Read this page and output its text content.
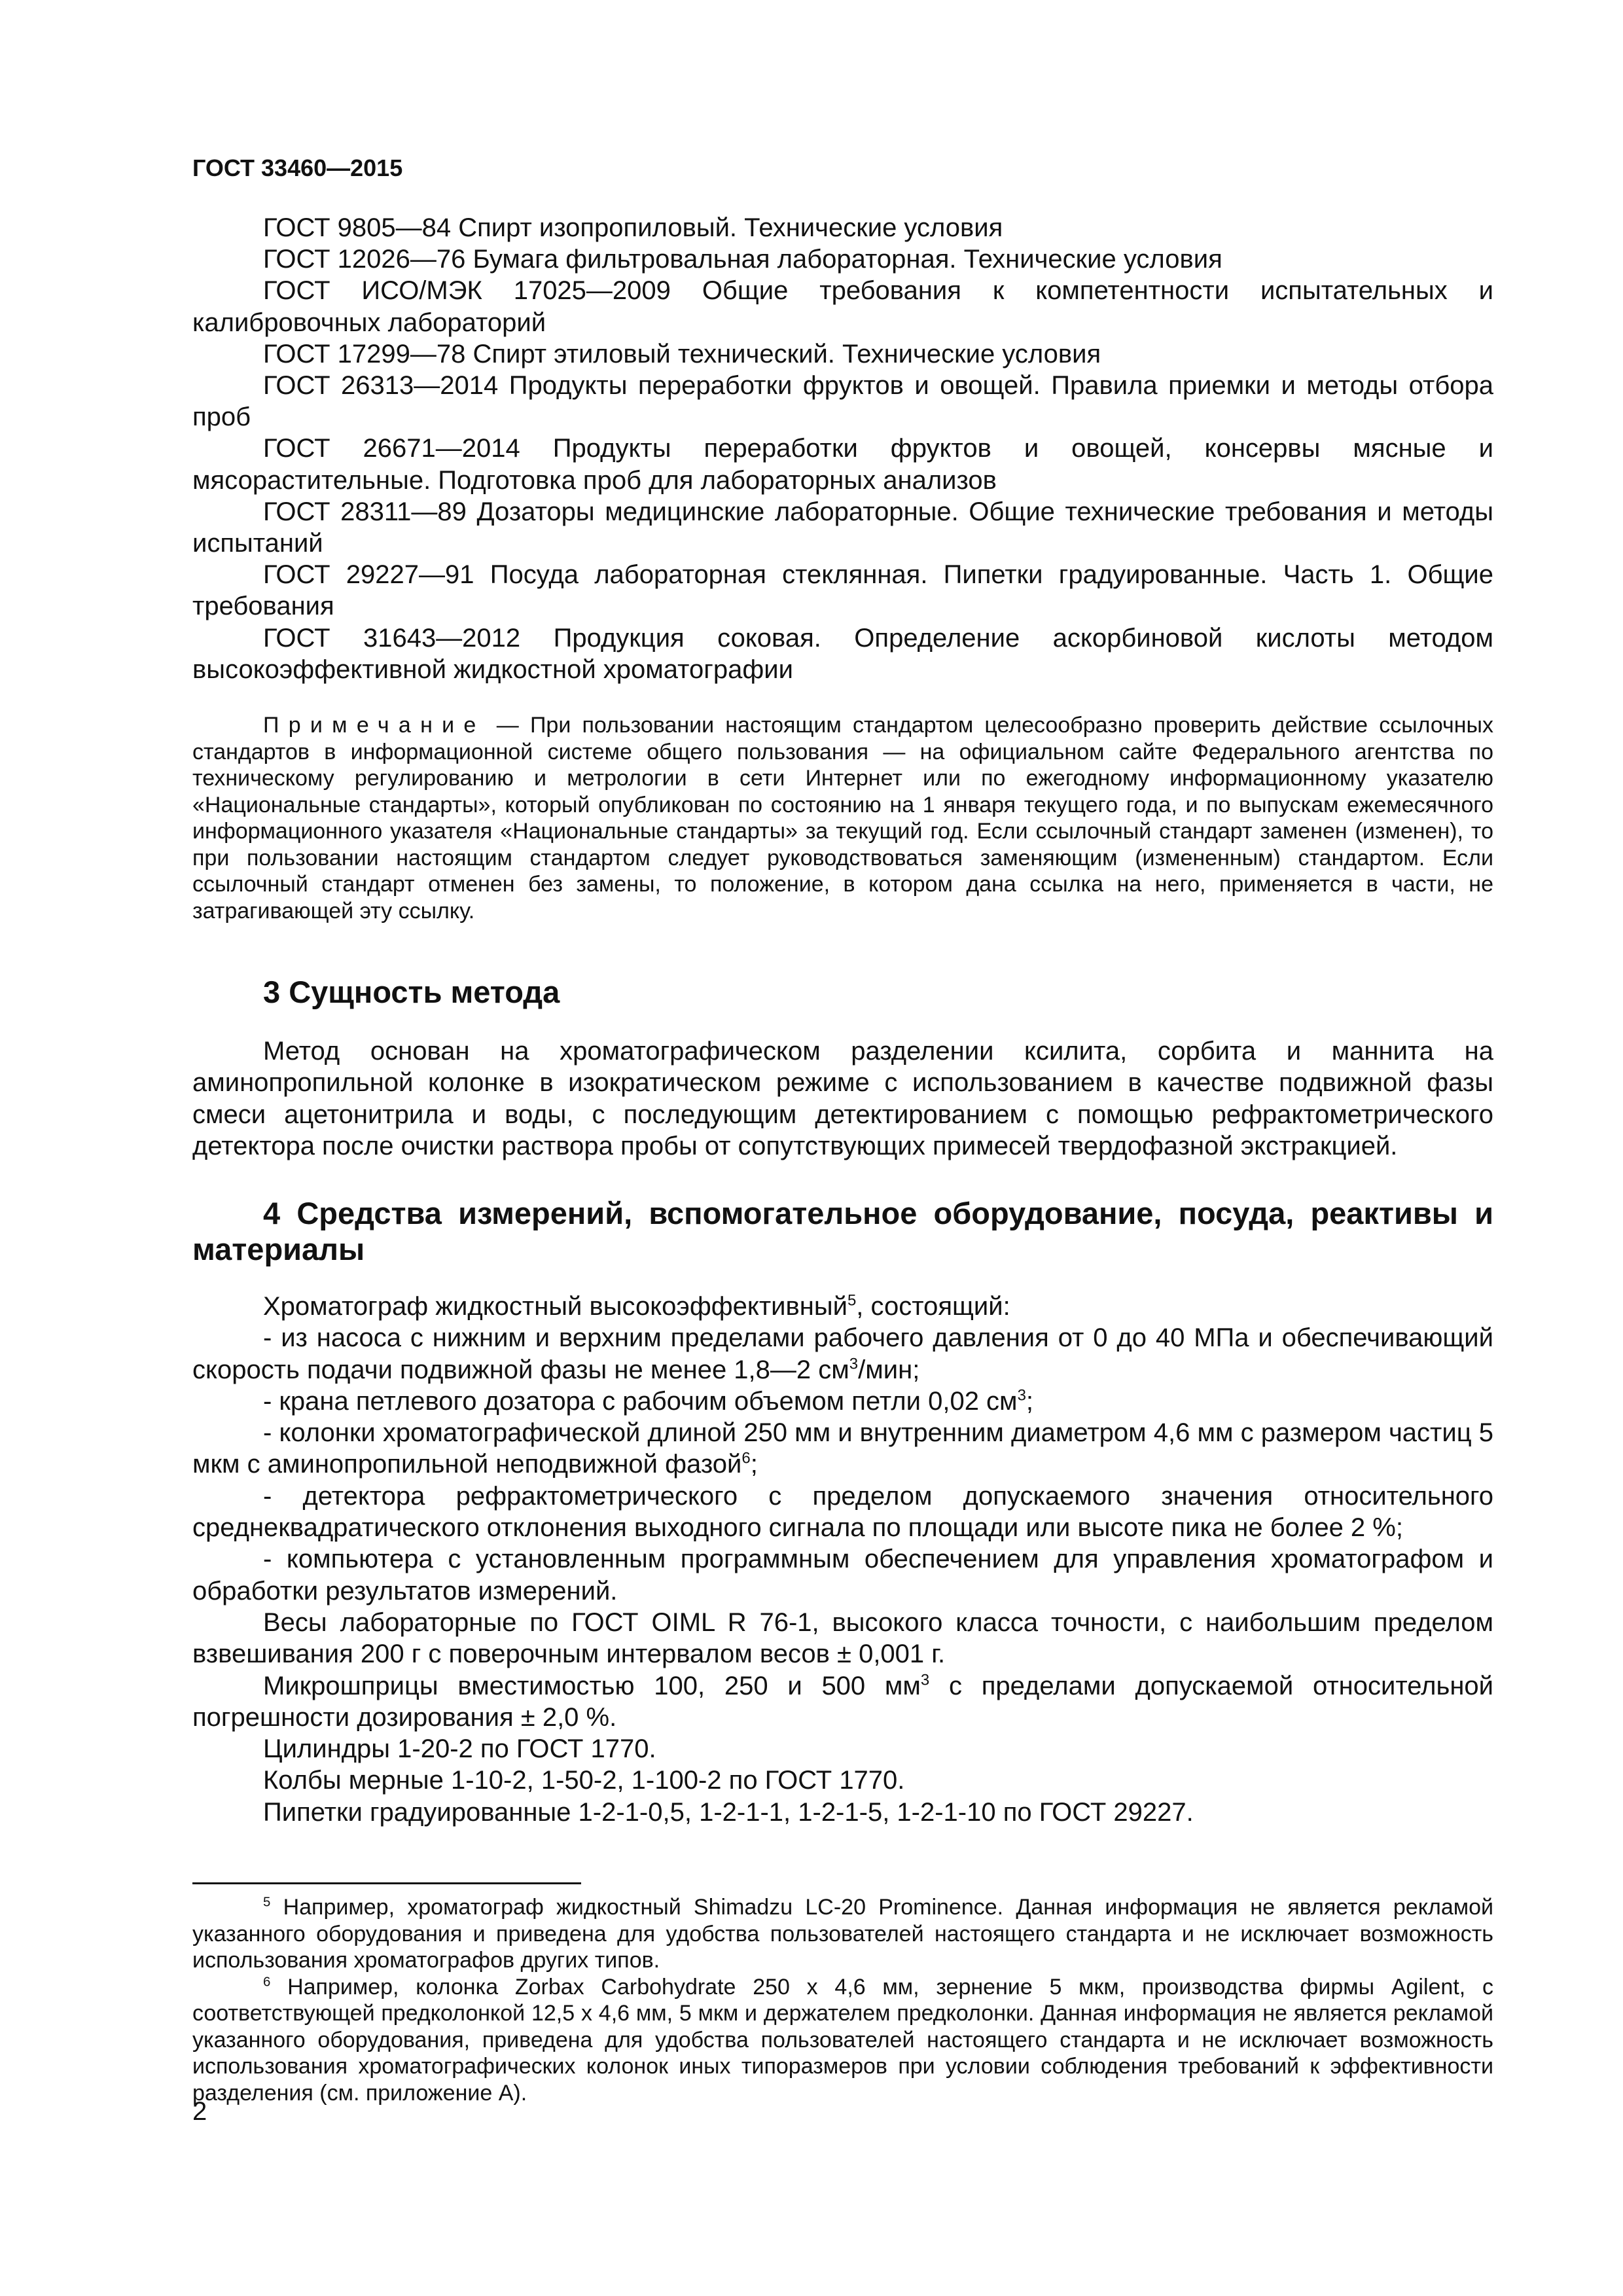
ГОСТ 33460—2015

ГОСТ 9805—84 Спирт изопропиловый. Технические условия

ГОСТ 12026—76 Бумага фильтровальная лабораторная. Технические условия

ГОСТ ИСО/МЭК 17025—2009 Общие требования к компетентности испытательных и калибровочных лабораторий

ГОСТ 17299—78 Спирт этиловый технический. Технические условия

ГОСТ 26313—2014 Продукты переработки фруктов и овощей. Правила приемки и методы отбора проб

ГОСТ 26671—2014 Продукты переработки фруктов и овощей, консервы мясные и мясорастительные. Подготовка проб для лабораторных анализов

ГОСТ 28311—89 Дозаторы медицинские лабораторные. Общие технические требования и методы испытаний

ГОСТ 29227—91 Посуда лабораторная стеклянная. Пипетки градуированные. Часть 1. Общие требования

ГОСТ 31643—2012 Продукция соковая. Определение аскорбиновой кислоты методом высокоэффективной жидкостной хроматографии

Примечание — При пользовании настоящим стандартом целесообразно проверить действие ссылочных стандартов в информационной системе общего пользования — на официальном сайте Федерального агентства по техническому регулированию и метрологии в сети Интернет или по ежегодному информационному указателю «Национальные стандарты», который опубликован по состоянию на 1 января текущего года, и по выпускам ежемесячного информационного указателя «Национальные стандарты» за текущий год. Если ссылочный стандарт заменен (изменен), то при пользовании настоящим стандартом следует руководствоваться заменяющим (измененным) стандартом. Если ссылочный стандарт отменен без замены, то положение, в котором дана ссылка на него, применяется в части, не затрагивающей эту ссылку.

3 Сущность метода

Метод основан на хроматографическом разделении ксилита, сорбита и маннита на аминопропильной колонке в изократическом режиме с использованием в качестве подвижной фазы смеси ацетонитрила и воды, с последующим детектированием с помощью рефрактометрического детектора после очистки раствора пробы от сопутствующих примесей твердофазной экстракцией.

4 Средства измерений, вспомогательное оборудование, посуда, реактивы и материалы

Хроматограф жидкостный высокоэффективный$^5$, состоящий:

- из насоса с нижним и верхним пределами рабочего давления от 0 до 40 МПа и обеспечивающий скорость подачи подвижной фазы не менее 1,8—2 $см^3$/мин;

- крана петлевого дозатора с рабочим объемом петли 0,02 $см^3$;

- колонки хроматографической длиной 250 мм и внутренним диаметром 4,6 мм с размером частиц 5 мкм с аминопропильной неподвижной фазой$^6$;

- детектора рефрактометрического с пределом допускаемого значения относительного среднеквадратического отклонения выходного сигнала по площади или высоте пика не более 2 %;

- компьютера с установленным программным обеспечением для управления хроматографом и обработки результатов измерений.

Весы лабораторные по ГОСТ OIML R 76-1, высокого класса точности, с наибольшим пределом взвешивания 200 г с поверочным интервалом весов ± 0,001 г.

Микрошприцы вместимостью 100, 250 и 500 $мм^3$ с пределами допускаемой относительной погрешности дозирования ± 2,0 %.

Цилиндры 1-20-2 по ГОСТ 1770.

Колбы мерные 1-10-2, 1-50-2, 1-100-2 по ГОСТ 1770.

Пипетки градуированные 1-2-1-0,5, 1-2-1-1, 1-2-1-5, 1-2-1-10 по ГОСТ 29227.

$^5$ Например, хроматограф жидкостный Shimadzu LC-20 Prominence. Данная информация не является рекламой указанного оборудования и приведена для удобства пользователей настоящего стандарта и не исключает возможность использования хроматографов других типов.

$^6$ Например, колонка Zorbax Carbohydrate 250 x 4,6 мм, зернение 5 мкм, производства фирмы Agilent, с соответствующей предколонкой 12,5 x 4,6 мм, 5 мкм и держателем предколонки. Данная информация не является рекламой указанного оборудования, приведена для удобства пользователей настоящего стандарта и не исключает возможность использования хроматографических колонок иных типоразмеров при условии соблюдения требований к эффективности разделения (см. приложение А).

2
